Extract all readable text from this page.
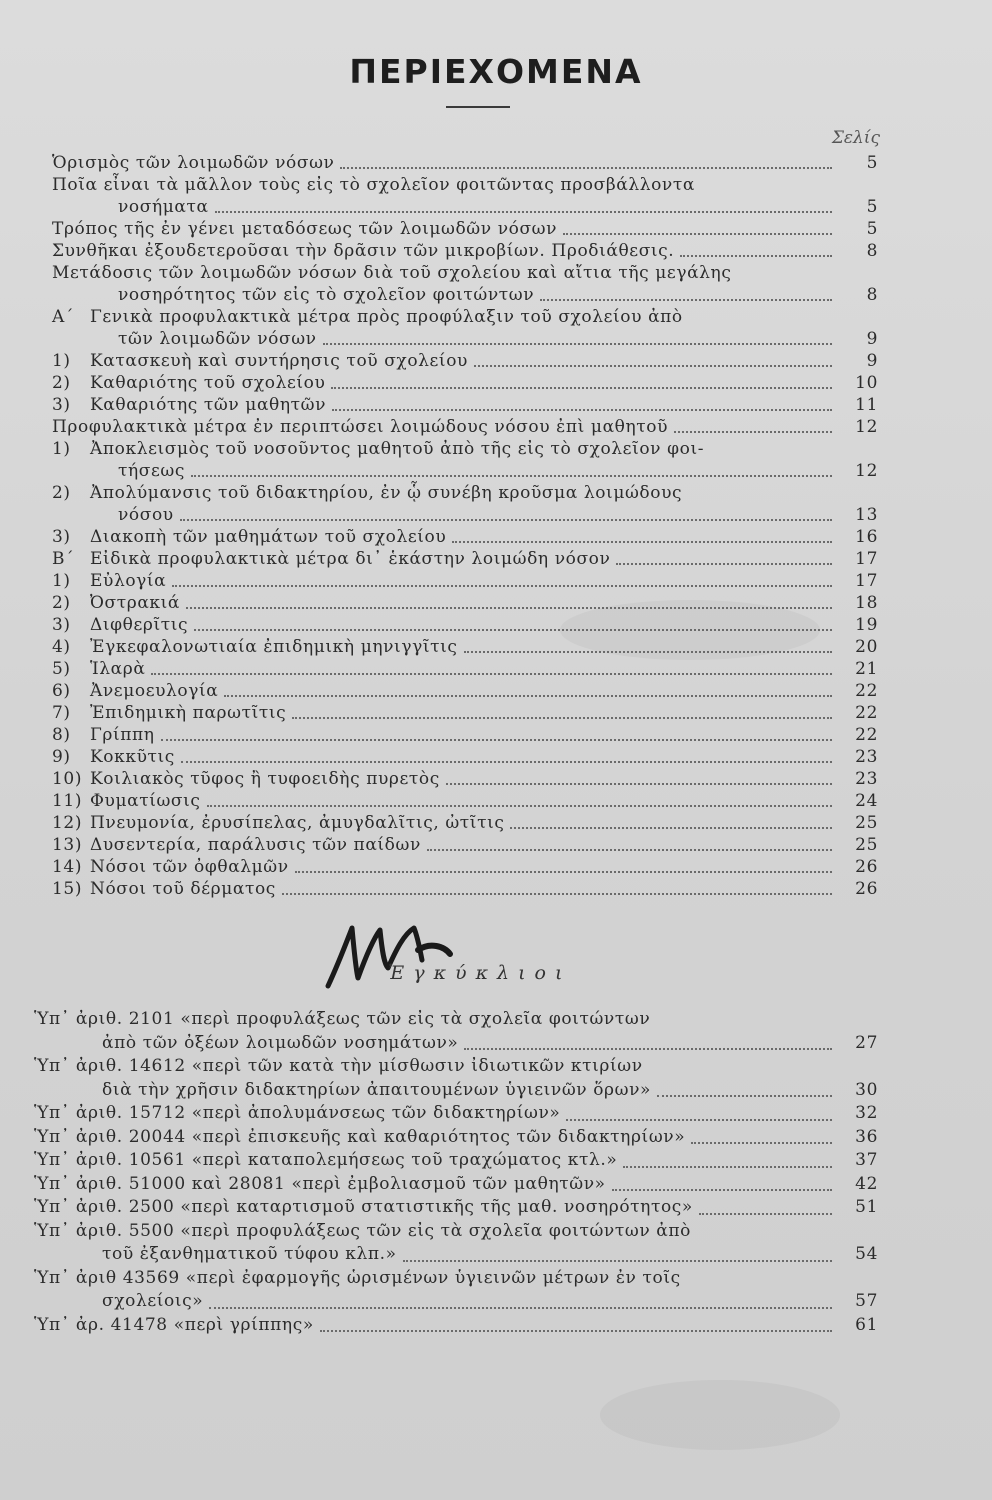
ΠΕΡΙΕΧΟΜΕΝΑ
Σελίς
Ὁρισμὸς τῶν λοιμωδῶν νόσων	5
Ποῖα εἶναι τὰ μᾶλλον τοὺς εἰς τὸ σχολεῖον φοιτῶντας προσβάλλοντα
νοσήματα	5
Τρόπος τῆς ἐν γένει μεταδόσεως τῶν λοιμωδῶν νόσων	5
Συνθῆκαι ἐξουδετεροῦσαι τὴν δρᾶσιν τῶν μικροβίων. Προδιάθεσις.	8
Μετάδοσις τῶν λοιμωδῶν νόσων διὰ τοῦ σχολείου καὶ αἴτια τῆς μεγάλης
νοσηρότητος τῶν εἰς τὸ σχολεῖον φοιτώντων	8
Α΄ Γενικὰ προφυλακτικὰ μέτρα πρὸς προφύλαξιν τοῦ σχολείου ἀπὸ
τῶν λοιμωδῶν νόσων	9
1) Κατασκευὴ καὶ συντήρησις τοῦ σχολείου	9
2) Καθαριότης τοῦ σχολείου	10
3) Καθαριότης τῶν μαθητῶν	11
Προφυλακτικὰ μέτρα ἐν περιπτώσει λοιμώδους νόσου ἐπὶ μαθητοῦ	12
1) Ἀποκλεισμὸς τοῦ νοσοῦντος μαθητοῦ ἀπὸ τῆς εἰς τὸ σχολεῖον φοι-
τήσεως	12
2) Ἀπολύμανσις τοῦ διδακτηρίου, ἐν ᾧ συνέβη κροῦσμα λοιμώδους
νόσου	13
3) Διακοπὴ τῶν μαθημάτων τοῦ σχολείου	16
Β΄ Εἰδικὰ προφυλακτικὰ μέτρα δι᾿ ἑκάστην λοιμώδη νόσον	17
1) Εὐλογία	17
2) Ὀστρακιά	18
3) Διφθερῖτις	19
4) Ἐγκεφαλονωτιαία ἐπιδημικὴ μηνιγγῖτις	20
5) Ἱλαρὰ	21
6) Ἀνεμοευλογία	22
7) Ἐπιδημικὴ παρωτῖτις	22
8) Γρίππη	22
9) Κοκκῦτις	23
10) Κοιλιακὸς τῦφος ἢ τυφοειδὴς πυρετὸς	23
11) Φυματίωσις	24
12) Πνευμονία, ἐρυσίπελας, ἀμυγδαλῖτις, ὠτῖτις	25
13) Δυσεντερία, παράλυσις τῶν παίδων	25
14) Νόσοι τῶν ὀφθαλμῶν	26
15) Νόσοι τοῦ δέρματος	26
Ἐγκύκλιοι
Ὑπ᾿ ἀριθ. 2101 «περὶ προφυλάξεως τῶν εἰς τὰ σχολεῖα φοιτώντων
ἀπὸ τῶν ὀξέων λοιμωδῶν νοσημάτων»	27
Ὑπ᾿ ἀριθ. 14612 «περὶ τῶν κατὰ τὴν μίσθωσιν ἰδιωτικῶν κτιρίων
διὰ τὴν χρῆσιν διδακτηρίων ἀπαιτουμένων ὑγιεινῶν ὅρων»	30
Ὑπ᾿ ἀριθ. 15712 «περὶ ἀπολυμάνσεως τῶν διδακτηρίων»	32
Ὑπ᾿ ἀριθ. 20044 «περὶ ἐπισκευῆς καὶ καθαριότητος τῶν διδακτηρίων»	36
Ὑπ᾿ ἀριθ. 10561 «περὶ καταπολεμήσεως τοῦ τραχώματος κτλ.»	37
Ὑπ᾿ ἀριθ. 51000 καὶ 28081 «περὶ ἐμβολιασμοῦ τῶν μαθητῶν»	42
Ὑπ᾿ ἀριθ. 2500 «περὶ καταρτισμοῦ στατιστικῆς τῆς μαθ. νοσηρότητος»	51
Ὑπ᾿ ἀριθ. 5500 «περὶ προφυλάξεως τῶν εἰς τὰ σχολεῖα φοιτώντων ἀπὸ
τοῦ ἐξανθηματικοῦ τύφου κλπ.»	54
Ὑπ᾿ ἀριθ 43569 «περὶ ἐφαρμογῆς ὡρισμένων ὑγιεινῶν μέτρων ἐν τοῖς
σχολείοις»	57
Ὑπ᾿ ἀρ. 41478 «περὶ γρίππης»	61
